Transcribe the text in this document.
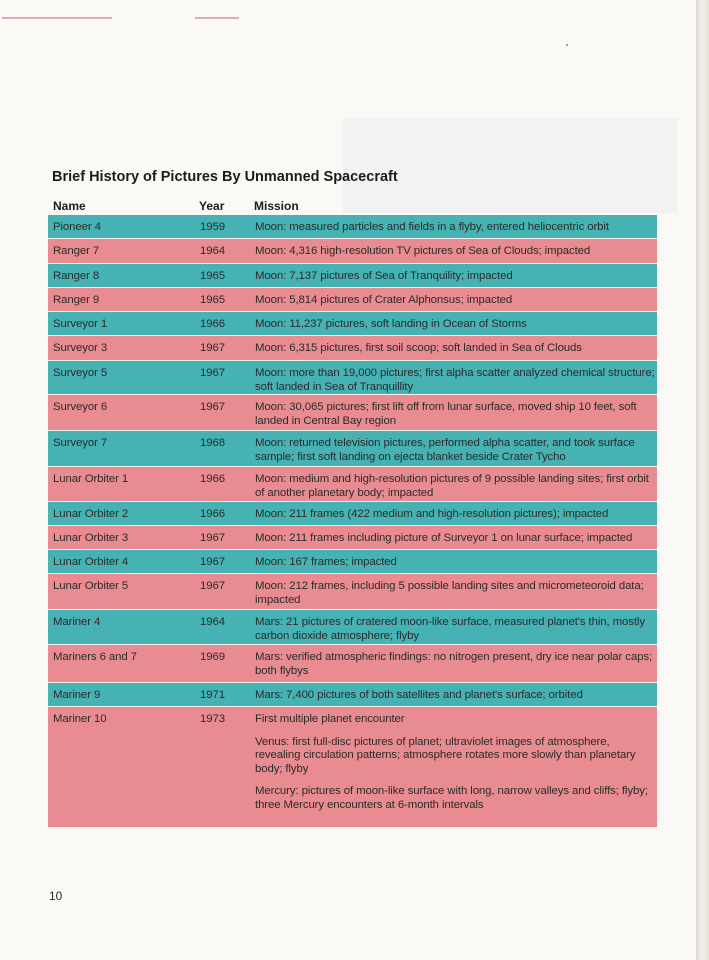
Brief History of Pictures By Unmanned Spacecraft
Name	Year Mission
Pioneer 4	1959	Moon: measured particles and fields in a flyby, entered heliocentric orbit
Ranger 7	1964	Moon: 4,316 high-resolution TV pictures of Sea of Clouds; impacted
Ranger 8	1965	Moon: 7,137 pictures of Sea of Tranquility; impacted
Ranger 9	1965	Moon: 5,814 pictures of Crater Alphonsus; impacted
Surveyor 1	1966	Moon: 11,237 pictures, soft landing in Ocean of Storms
Surveyor 3	1967	Moon: 6,315 pictures, first soil scoop; soft landed in Sea of Clouds
Surveyor 5	1967	Moon: more than 19,000 pictures; first alpha scatter analyzed chemical structure; soft landed in Sea of Tranquillity
Surveyor 6	1967	Moon: 30,065 pictures; first lift off from lunar surface, moved ship 10 feet, soft landed in Central Bay region
Surveyor 7	1968	Moon: returned television pictures, performed alpha scatter, and took surface sample; first soft landing on ejecta blanket beside Crater Tycho
Lunar Orbiter 1	1966	Moon: medium and high-resolution pictures of 9 possible landing sites; first orbit of another planetary body; impacted
Lunar Orbiter 2	1966	Moon: 211 frames (422 medium and high-resolution pictures); impacted
Lunar Orbiter 3	1967	Moon: 211 frames including picture of Surveyor 1 on lunar surface; impacted
Lunar Orbiter 4	1967	Moon: 167 frames; impacted
Lunar Orbiter 5	1967	Moon: 212 frames, including 5 possible landing sites and micrometeoroid data; impacted
Mariner 4	1964	Mars: 21 pictures of cratered moon-like surface, measured planet's thin, mostly carbon dioxide atmosphere; flyby
Mariners 6 and 7	1969	Mars: verified atmospheric findings: no nitrogen present, dry ice near polar caps; both flybys
Mariner 9	1971	Mars: 7,400 pictures of both satellites and planet's surface; orbited
Mariner 10	1973	First multiple planet encounter
Venus: first full-disc pictures of planet; ultraviolet images of atmosphere, revealing circulation patterns; atmosphere rotates more slowly than planetary body; flyby
Mercury: pictures of moon-like surface with long, narrow valleys and cliffs; flyby; three Mercury encounters at 6-month intervals
10
